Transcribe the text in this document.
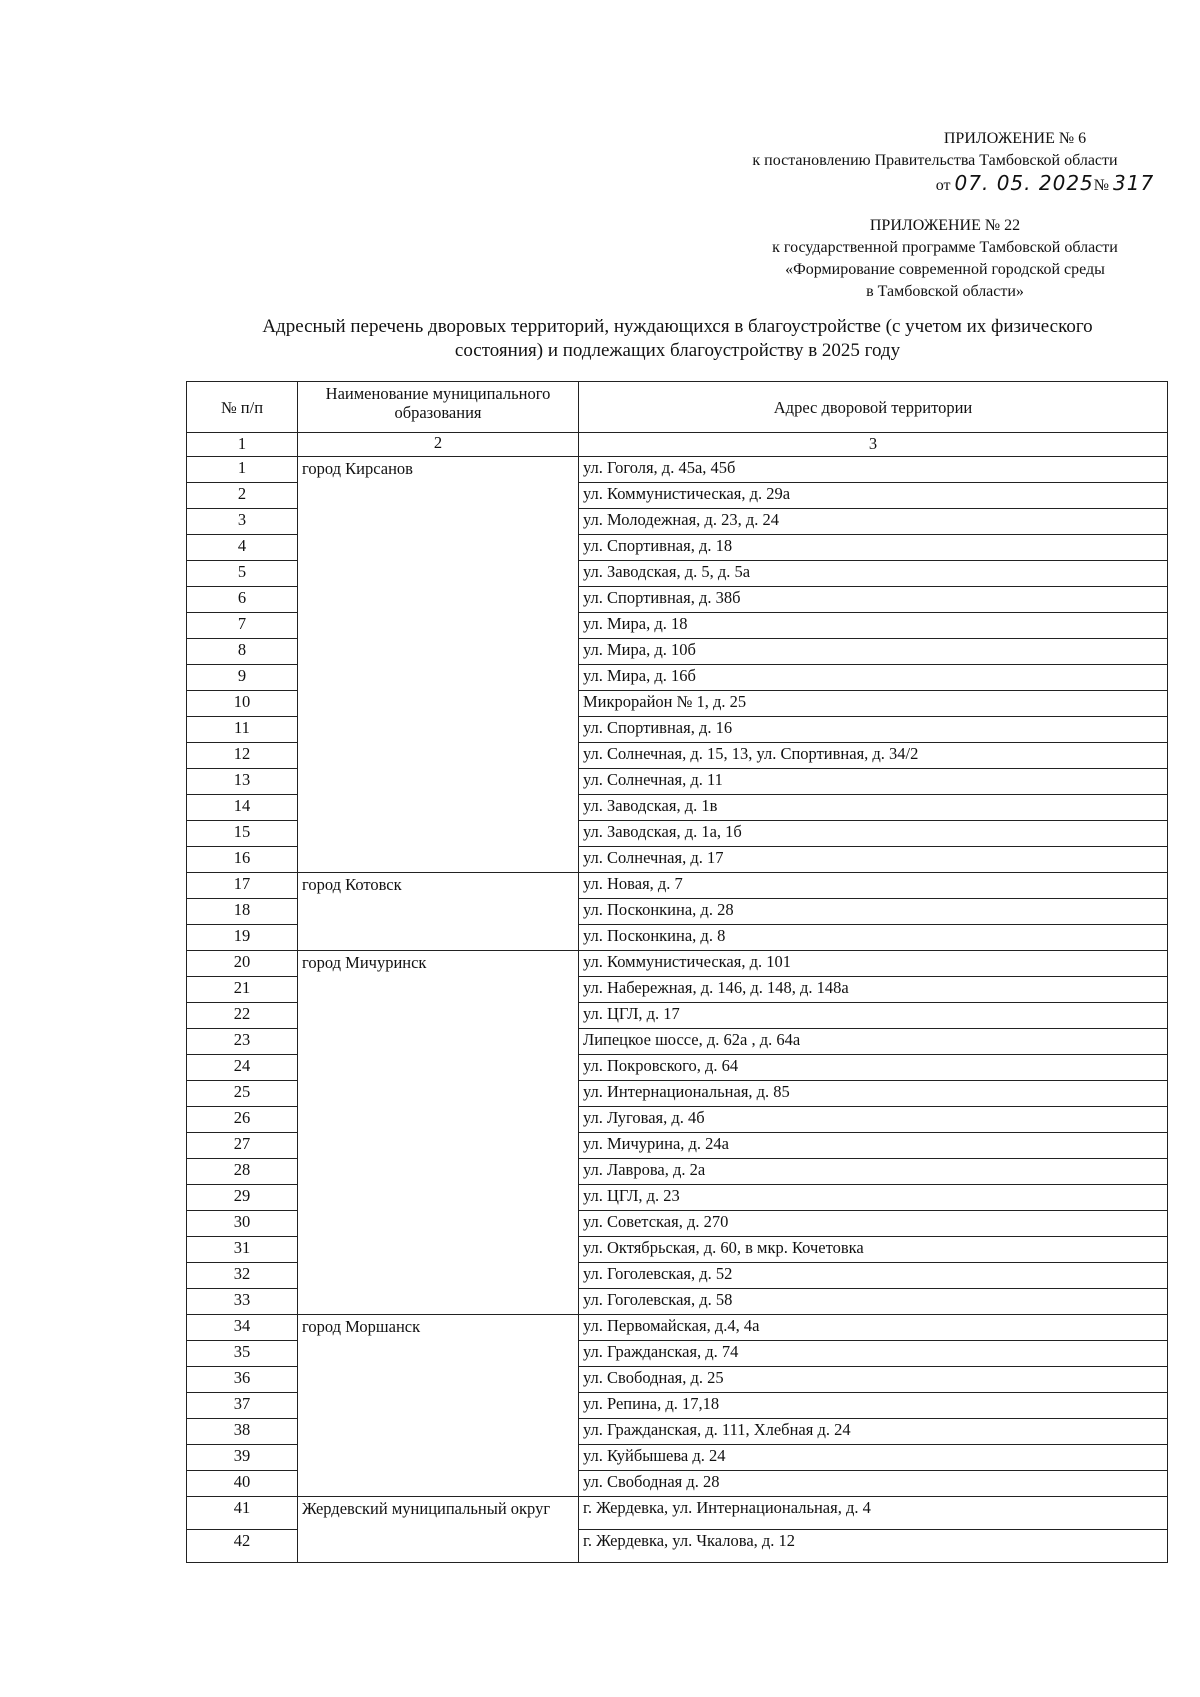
ПРИЛОЖЕНИЕ № 6
к постановлению Правительства Тамбовской области
от 07. 05. 2025№ 317
ПРИЛОЖЕНИЕ № 22
к государственной программе Тамбовской области
«Формирование современной городской среды
в Тамбовской области»
Адресный перечень дворовых территорий, нуждающихся в благоустройстве (с учетом их физического
состояния) и подлежащих благоустройству в 2025 году
№ п/п	Наименование муниципального образования	Адрес дворовой территории
1	2	3
1	город Кирсанов	ул. Гоголя, д. 45а, 45б
2		ул. Коммунистическая, д. 29а
3		ул. Молодежная, д. 23, д. 24
4		ул. Спортивная, д. 18
5		ул. Заводская, д. 5, д. 5а
6		ул. Спортивная, д. 38б
7		ул. Мира, д. 18
8		ул. Мира, д. 10б
9		ул. Мира, д. 16б
10		Микрорайон № 1, д. 25
11		ул. Спортивная, д. 16
12		ул. Солнечная, д. 15, 13, ул. Спортивная, д. 34/2
13		ул. Солнечная, д. 11
14		ул. Заводская, д. 1в
15		ул. Заводская, д. 1а, 1б
16		ул. Солнечная, д. 17
17	город Котовск	ул. Новая, д. 7
18		ул. Посконкина, д. 28
19		ул. Посконкина, д. 8
20	город Мичуринск	ул. Коммунистическая, д. 101
21		ул. Набережная, д. 146, д. 148, д. 148а
22		ул. ЦГЛ, д. 17
23		Липецкое шоссе, д. 62а , д. 64а
24		ул. Покровского, д. 64
25		ул. Интернациональная, д. 85
26		ул. Луговая, д. 4б
27		ул. Мичурина, д. 24а
28		ул. Лаврова, д. 2а
29		ул. ЦГЛ, д. 23
30		ул. Советская, д. 270
31		ул. Октябрьская, д. 60, в мкр. Кочетовка
32		ул. Гоголевская, д. 52
33		ул. Гоголевская, д. 58
34	город Моршанск	ул. Первомайская, д.4, 4а
35		ул. Гражданская, д. 74
36		ул. Свободная, д. 25
37		ул. Репина, д. 17,18
38		ул. Гражданская, д. 111, Хлебная д. 24
39		ул. Куйбышева д. 24
40		ул. Свободная д. 28
41	Жердевский муниципальный округ	г. Жердевка, ул. Интернациональная, д. 4
42		г. Жердевка, ул. Чкалова, д. 12
